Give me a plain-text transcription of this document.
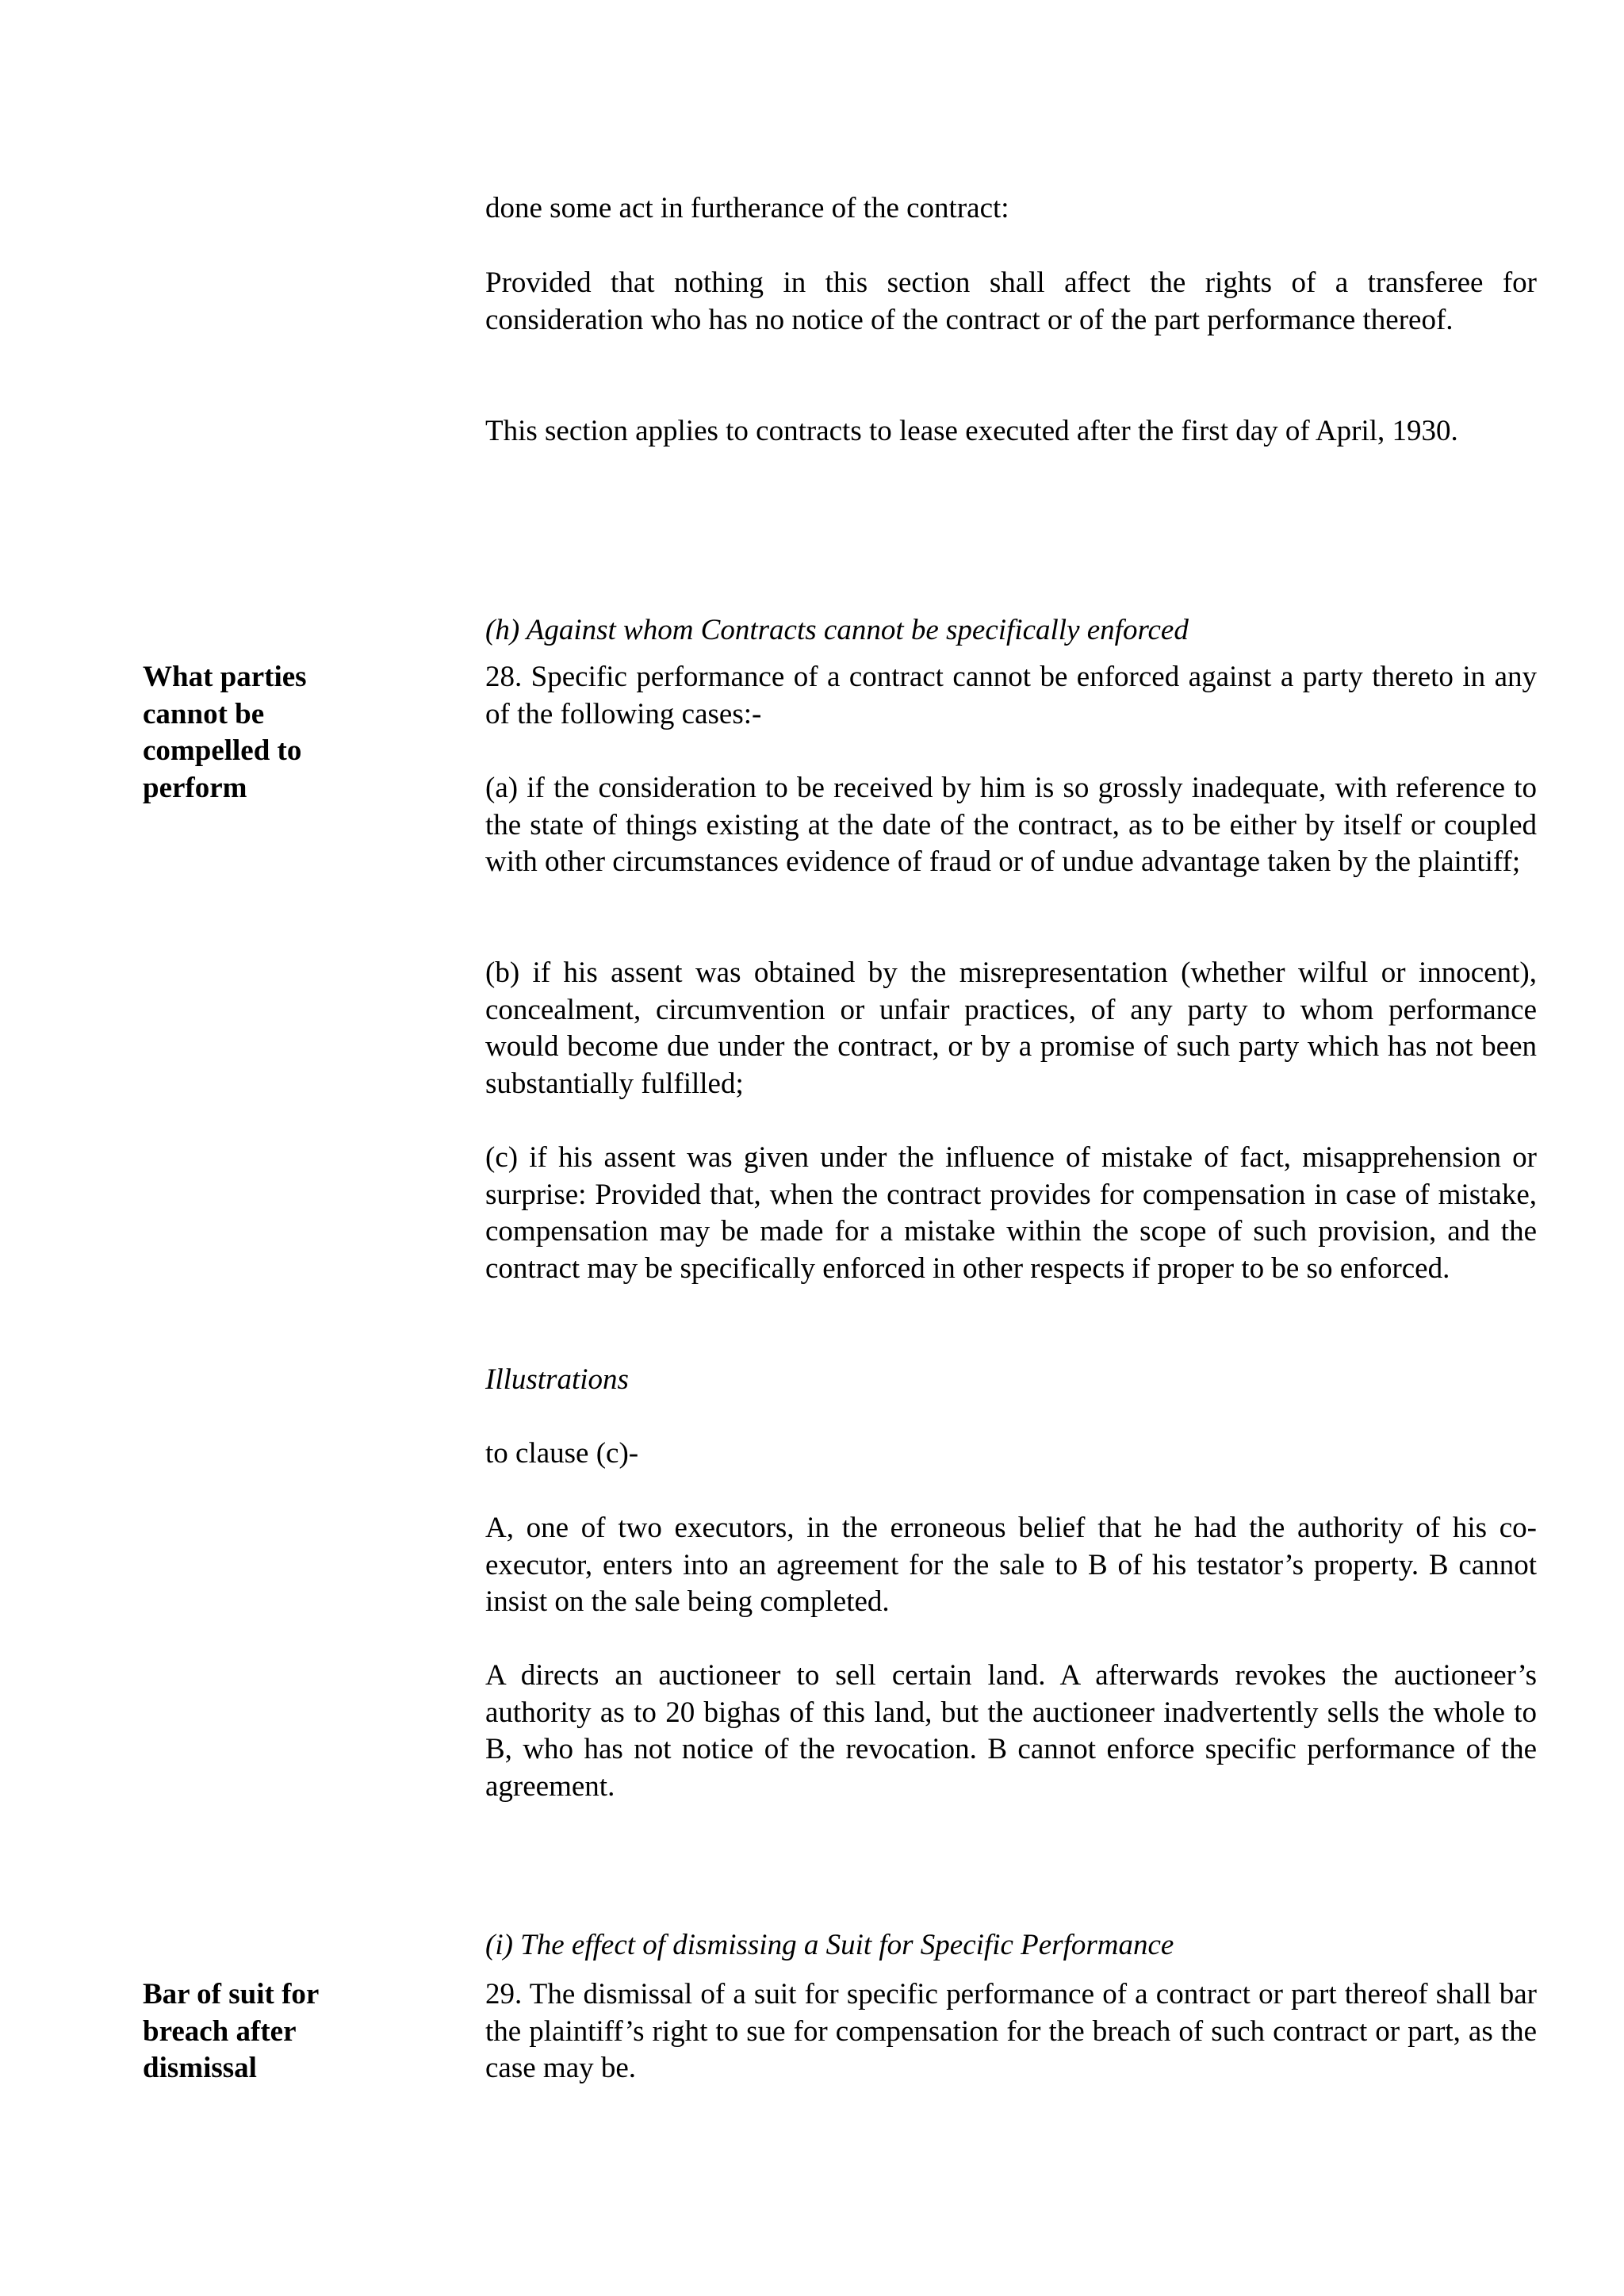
done some act in furtherance of the contract:

Provided that nothing in this section shall affect the rights of a transferee for consideration who has no notice of the contract or of the part performance thereof.

This section applies to contracts to lease executed after the first day of April, 1930.

(h) Against whom Contracts cannot be specifically enforced

What parties cannot be compelled to perform

28. Specific performance of a contract cannot be enforced against a party thereto in any of the following cases:-

(a) if the consideration to be received by him is so grossly inadequate, with reference to the state of things existing at the date of the contract, as to be either by itself or coupled with other circumstances evidence of fraud or of undue advantage taken by the plaintiff;

(b) if his assent was obtained by the misrepresentation (whether wilful or innocent), concealment, circumvention or unfair practices, of any party to whom performance would become due under the contract, or by a promise of such party which has not been substantially fulfilled;

(c) if his assent was given under the influence of mistake of fact, misapprehension or surprise: Provided that, when the contract provides for compensation in case of mistake, compensation may be made for a mistake within the scope of such provision, and the contract may be specifically enforced in other respects if proper to be so enforced.

Illustrations

to clause (c)-

A, one of two executors, in the erroneous belief that he had the authority of his co-executor, enters into an agreement for the sale to B of his testator’s property. B cannot insist on the sale being completed.

A directs an auctioneer to sell certain land. A afterwards revokes the auctioneer’s authority as to 20 bighas of this land, but the auctioneer inadvertently sells the whole to B, who has not notice of the revocation. B cannot enforce specific performance of the agreement.

(i) The effect of dismissing a Suit for Specific Performance

Bar of suit for breach after dismissal

29. The dismissal of a suit for specific performance of a contract or part thereof shall bar the plaintiff’s right to sue for compensation for the breach of such contract or part, as the case may be.
